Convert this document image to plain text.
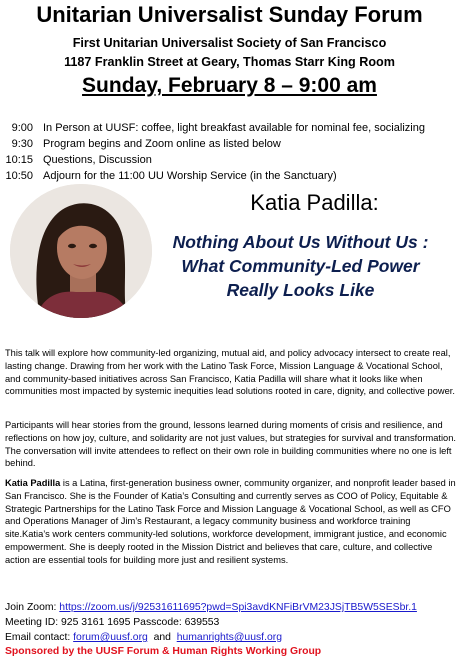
Unitarian Universalist Sunday Forum
First Unitarian Universalist Society of San Francisco
1187 Franklin Street at Geary, Thomas Starr King Room
Sunday, February 8 – 9:00 am
9:00 In Person at UUSF: coffee, light breakfast available for nominal fee, socializing
9:30 Program begins and Zoom online as listed below
10:15 Questions, Discussion
10:50 Adjourn for the 11:00 UU Worship Service (in the Sanctuary)
Katia Padilla:
Nothing About Us Without Us :
What Community-Led Power
Really Looks Like
This talk will explore how community-led organizing, mutual aid, and policy advocacy intersect to create real, lasting change. Drawing from her work with the Latino Task Force, Mission Language & Vocational School, and community-based initiatives across San Francisco, Katia Padilla will share what it looks like when communities most impacted by systemic inequities lead solutions rooted in care, dignity, and collective power.
Participants will hear stories from the ground, lessons learned during moments of crisis and resilience, and reflections on how joy, culture, and solidarity are not just values, but strategies for survival and transformation. The conversation will invite attendees to reflect on their own role in building communities where no one is left behind.
Katia Padilla is a Latina, first-generation business owner, community organizer, and nonprofit leader based in San Francisco. She is the Founder of Katia’s Consulting and currently serves as COO of Policy, Equitable & Strategic Partnerships for the Latino Task Force and Mission Language & Vocational School, as well as CFO and Operations Manager of Jim’s Restaurant, a legacy community business and workforce training site.Katia’s work centers community-led solutions, workforce development, immigrant justice, and economic empowerment. She is deeply rooted in the Mission District and believes that care, culture, and collective action are essential tools for building more just and resilient systems.
Join Zoom: https://zoom.us/j/92531611695?pwd=Spi3avdKNFiBrVM23JSjTB5W5SESbr.1
Meeting ID: 925 3161 1695 Passcode: 639553
Email contact: forum@uusf.org  and  humanrights@uusf.org
Sponsored by the UUSF Forum & Human Rights Working Group
